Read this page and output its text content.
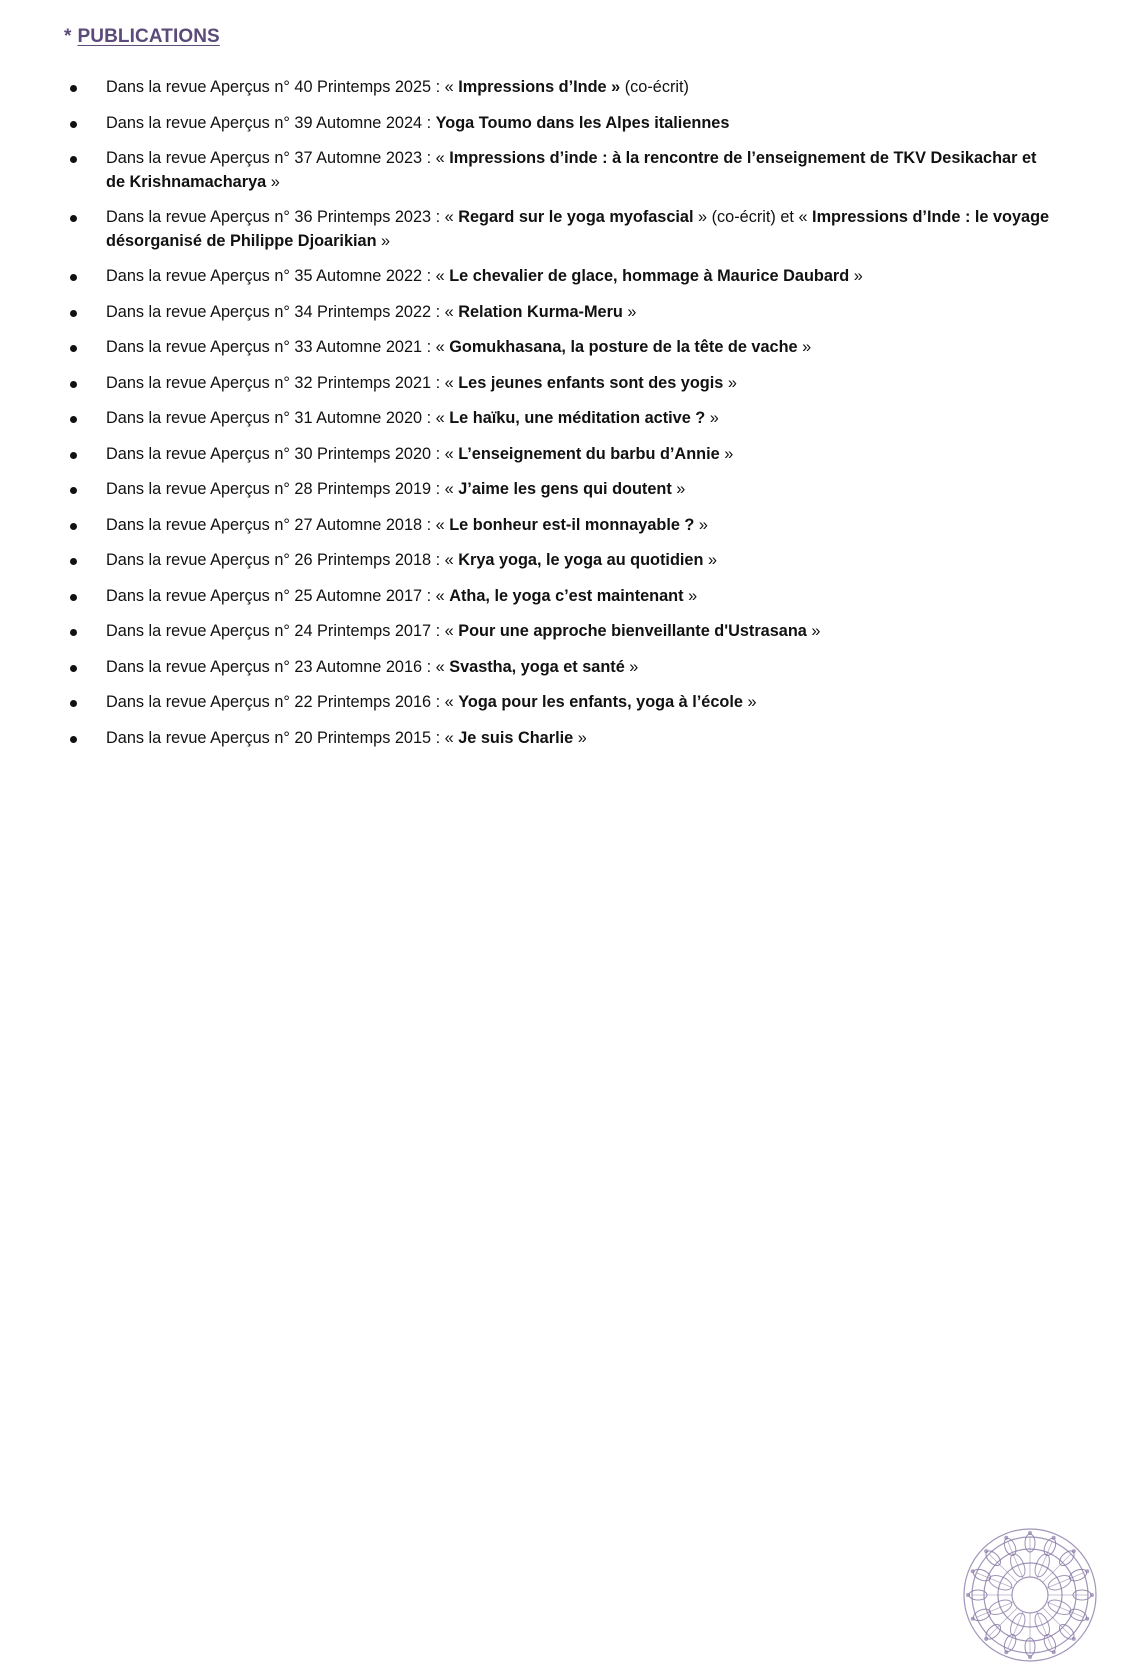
* PUBLICATIONS
Dans la revue Aperçus n° 40 Printemps 2025 : « Impressions d’Inde » (co-écrit)
Dans la revue Aperçus n° 39 Automne 2024 : Yoga Toumo dans les Alpes italiennes
Dans la revue Aperçus n° 37 Automne 2023 : « Impressions d’inde : à la rencontre de l’enseignement de TKV Desikachar et de Krishnamacharya »
Dans la revue Aperçus n° 36 Printemps 2023 : « Regard sur le yoga myofascial » (co-écrit) et « Impressions d’Inde : le voyage désorganisé de Philippe Djoarikian »
Dans la revue Aperçus n° 35 Automne 2022 : « Le chevalier de glace, hommage à Maurice Daubard »
Dans la revue Aperçus n° 34 Printemps 2022 : « Relation Kurma-Meru »
Dans la revue Aperçus n° 33 Automne 2021 : « Gomukhasana, la posture de la tête de vache »
Dans la revue Aperçus n° 32 Printemps 2021 : « Les jeunes enfants sont des yogis »
Dans la revue Aperçus n° 31 Automne 2020 : « Le haïku, une méditation active ? »
Dans la revue Aperçus n° 30 Printemps 2020 : « L’enseignement du barbu d’Annie »
Dans la revue Aperçus n° 28 Printemps 2019 : « J’aime les gens qui doutent »
Dans la revue Aperçus n° 27 Automne 2018 : « Le bonheur est-il monnayable ? »
Dans la revue Aperçus n° 26 Printemps 2018 : « Krya yoga, le yoga au quotidien »
Dans la revue Aperçus n° 25 Automne 2017 : « Atha, le yoga c’est maintenant »
Dans la revue Aperçus n° 24 Printemps 2017 : « Pour une approche bienveillante d'Ustrasana »
Dans la revue Aperçus n° 23 Automne 2016 : « Svastha, yoga et santé »
Dans la revue Aperçus n° 22 Printemps 2016 : « Yoga pour les enfants, yoga à l’école »
Dans la revue Aperçus n° 20 Printemps 2015 : « Je suis Charlie »
